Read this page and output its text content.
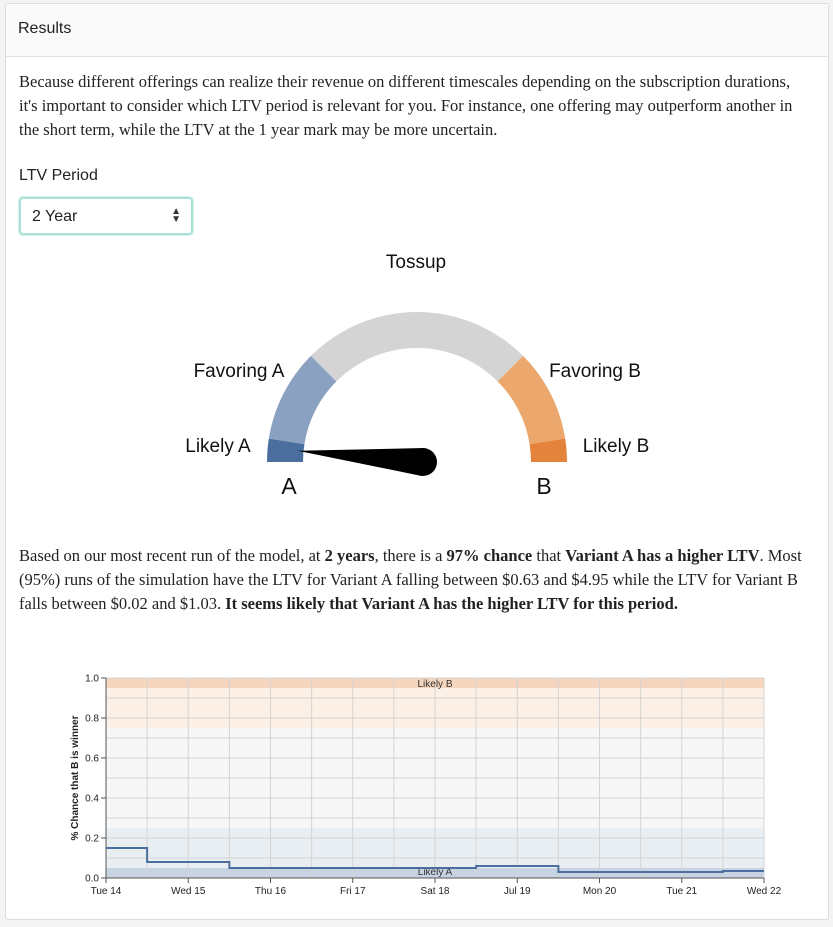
Results
Because different offerings can realize their revenue on different timescales depending on the subscription durations, it's important to consider which LTV period is relevant for you. For instance, one offering may outperform another in the short term, while the LTV at the 1 year mark may be more uncertain.
LTV Period
2 Year	▲
▼
Tossup
Favoring A	Favoring B
Likely A	Likely B
A	B
Based on our most recent run of the model, at 2 years, there is a 97% chance that Variant A has a higher LTV. Most (95%) runs of the simulation have the LTV for Variant A falling between $0.63 and $4.95 while the LTV for Variant B falls between $0.02 and $1.03. It seems likely that Variant A has the higher LTV for this period.
0.0
0.2
0.4
0.6
0.8
1.0
Tue 14	Wed 15	Thu 16	Fri 17	Sat 18	Jul 19	Mon 20	Tue 21	Wed 22
Likely B
Likely A
% Chance that B is winner
